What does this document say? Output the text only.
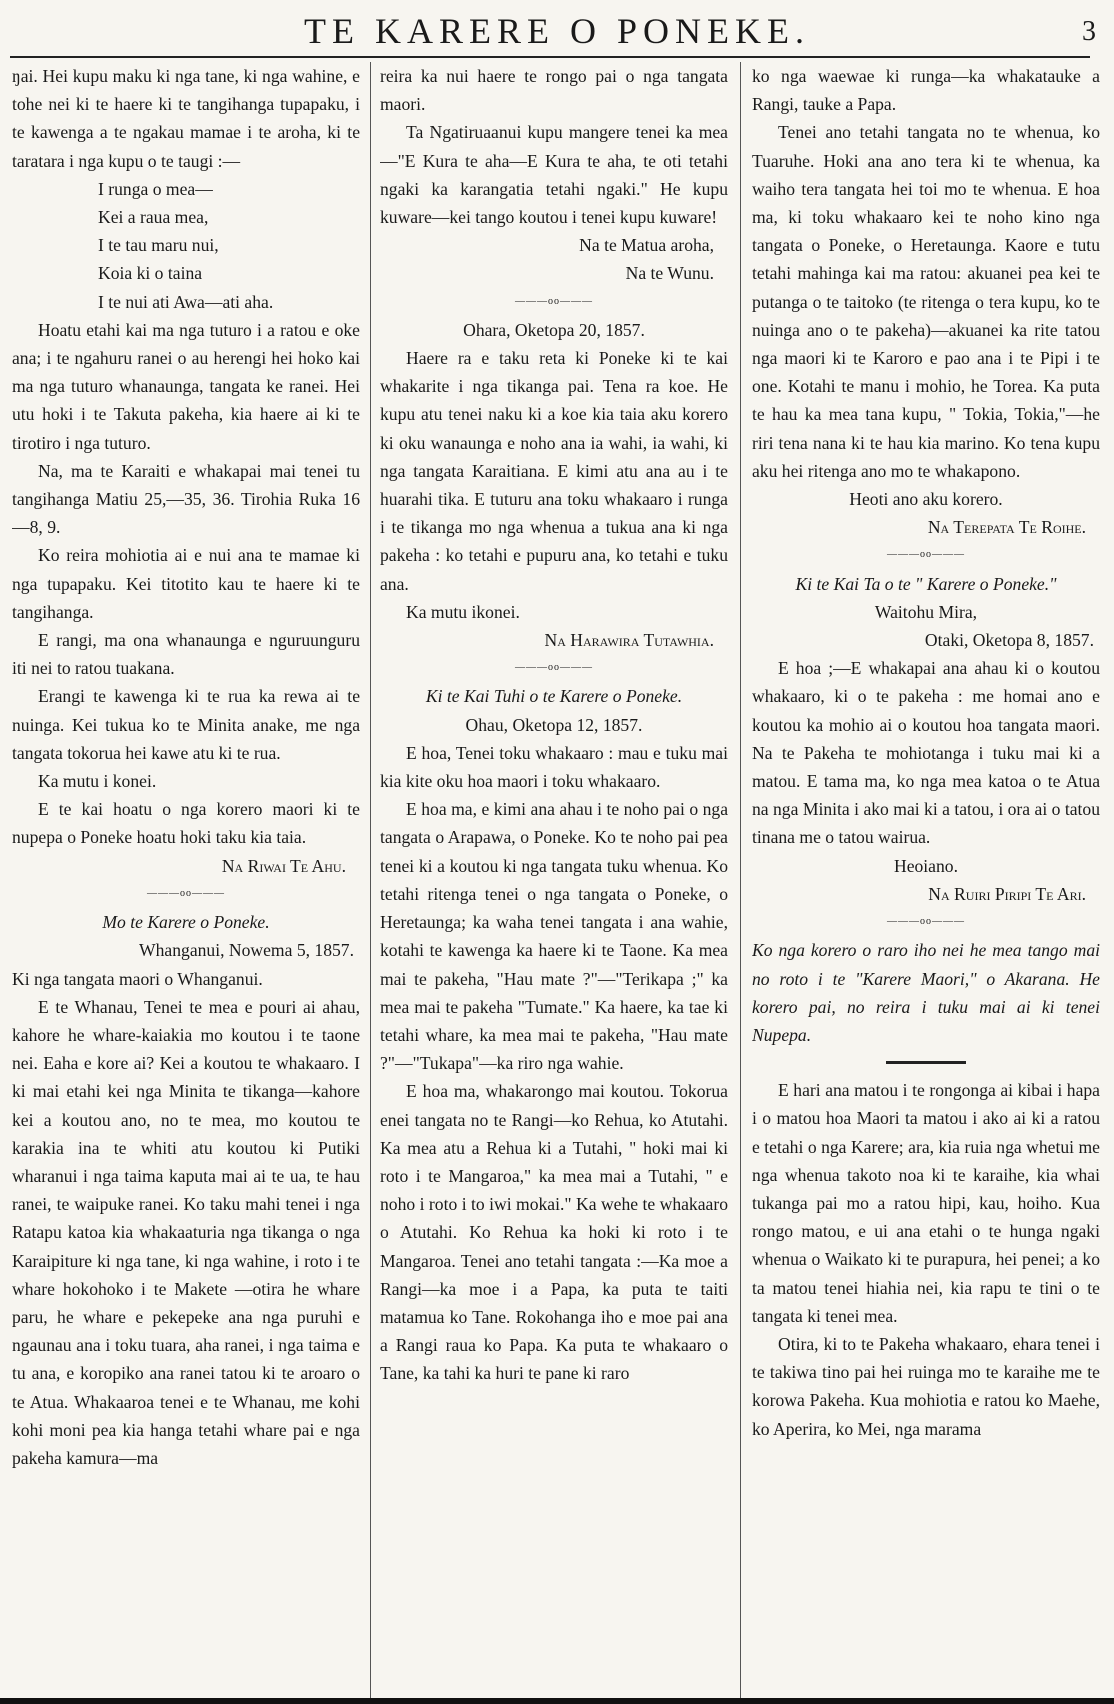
TE KARERE O PONEKE.	3

ŋai. Hei kupu maku ki nga tane, ki nga wahine, e tohe nei ki te haere ki te tangihanga tupapaku, i te kawenga a te ngakau mamae i te aroha, ki te taratara i nga kupu o te taugi :—

I runga o mea—

Kei a raua mea,

I te tau maru nui,

Koia ki o taina

I te nui ati Awa—ati aha.

Hoatu etahi kai ma nga tuturo i a ratou e oke ana; i te ngahuru ranei o au herengi hei hoko kai ma nga tuturo whanaunga, tangata ke ranei. Hei utu hoki i te Takuta pakeha, kia haere ai ki te tirotiro i nga tuturo.

Na, ma te Karaiti e whakapai mai tenei tu tangihanga Matiu 25,—35, 36. Tirohia Ruka 16—8, 9.

Ko reira mohiotia ai e nui ana te mamae ki nga tupapaku. Kei titotito kau te haere ki te tangihanga.

E rangi, ma ona whanaunga e nguruunguru iti nei to ratou tuakana.

Erangi te kawenga ki te rua ka rewa ai te nuinga. Kei tukua ko te Minita anake, me nga tangata tokorua hei kawe atu ki te rua.

Ka mutu i konei.

E te kai hoatu o nga korero maori ki te nupepa o Poneke hoatu hoki taku kia taia.

Na Riwai Te Ahu.

———oo———

Mo te Karere o Poneke.

Whanganui, Nowema 5, 1857.

Ki nga tangata maori o Whanganui.

E te Whanau, Tenei te mea e pouri ai ahau, kahore he whare-kaiakia mo koutou i te taone nei. Eaha e kore ai? Kei a koutou te whakaaro. I ki mai etahi kei nga Minita te tikanga—kahore kei a koutou ano, no te mea, mo koutou te karakia ina te whiti atu koutou ki Putiki wharanui i nga taima kaputa mai ai te ua, te hau ranei, te waipuke ranei. Ko taku mahi tenei i nga Ratapu katoa kia whakaaturia nga tikanga o nga Karaipiture ki nga tane, ki nga wahine, i roto i te whare hokohoko i te Makete —otira he whare paru, he whare e pekepeke ana nga puruhi e ngaunau ana i toku tuara, aha ranei, i nga taima e tu ana, e koropiko ana ranei tatou ki te aroaro o te Atua. Whakaaroa tenei e te Whanau, me kohi kohi moni pea kia hanga tetahi whare pai e nga pakeha kamura—ma

reira ka nui haere te rongo pai o nga tangata maori.

Ta Ngatiruaanui kupu mangere tenei ka mea—"E Kura te aha—E Kura te aha, te oti tetahi ngaki ka karangatia tetahi ngaki." He kupu kuware—kei tango koutou i tenei kupu kuware!

Na te Matua aroha,

Na te Wunu.

———oo———

Ohara, Oketopa 20, 1857.

Haere ra e taku reta ki Poneke ki te kai whakarite i nga tikanga pai. Tena ra koe. He kupu atu tenei naku ki a koe kia taia aku korero ki oku wanaunga e noho ana ia wahi, ia wahi, ki nga tangata Karaitiana. E kimi atu ana au i te huarahi tika. E tuturu ana toku whakaaro i runga i te tikanga mo nga whenua a tukua ana ki nga pakeha : ko tetahi e pupuru ana, ko tetahi e tuku ana.

Ka mutu ikonei.

Na Harawira Tutawhia.

———oo———

Ki te Kai Tuhi o te Karere o Poneke.

Ohau, Oketopa 12, 1857.

E hoa, Tenei toku whakaaro : mau e tuku mai kia kite oku hoa maori i toku whakaaro.

E hoa ma, e kimi ana ahau i te noho pai o nga tangata o Arapawa, o Poneke. Ko te noho pai pea tenei ki a koutou ki nga tangata tuku whenua. Ko tetahi ritenga tenei o nga tangata o Poneke, o Heretaunga; ka waha tenei tangata i ana wahie, kotahi te kawenga ka haere ki te Taone. Ka mea mai te pakeha, "Hau mate ?"—"Terikapa ;" ka mea mai te pakeha "Tumate." Ka haere, ka tae ki tetahi whare, ka mea mai te pakeha, "Hau mate ?"—"Tukapa"—ka riro nga wahie.

E hoa ma, whakarongo mai koutou. Tokorua enei tangata no te Rangi—ko Rehua, ko Atutahi. Ka mea atu a Rehua ki a Tutahi, " hoki mai ki roto i te Mangaroa," ka mea mai a Tutahi, " e noho i roto i to iwi mokai." Ka wehe te whakaaro o Atutahi. Ko Rehua ka hoki ki roto i te Mangaroa. Tenei ano tetahi tangata :—Ka moe a Rangi—ka moe i a Papa, ka puta te taiti matamua ko Tane. Rokohanga iho e moe pai ana a Rangi raua ko Papa. Ka puta te whakaaro o Tane, ka tahi ka huri te pane ki raro

ko nga waewae ki runga—ka whakatauke a Rangi, tauke a Papa.

Tenei ano tetahi tangata no te whenua, ko Tuaruhe. Hoki ana ano tera ki te whenua, ka waiho tera tangata hei toi mo te whenua. E hoa ma, ki toku whakaaro kei te noho kino nga tangata o Poneke, o Heretaunga. Kaore e tutu tetahi mahinga kai ma ratou: akuanei pea kei te putanga o te taitoko (te ritenga o tera kupu, ko te nuinga ano o te pakeha)—akuanei ka rite tatou nga maori ki te Karoro e pao ana i te Pipi i te one. Kotahi te manu i mohio, he Torea. Ka puta te hau ka mea tana kupu, " Tokia, Tokia,"—he riri tena nana ki te hau kia marino. Ko tena kupu aku hei ritenga ano mo te whakapono.

Heoti ano aku korero.

Na Terepata Te Roihe.

———oo———

Ki te Kai Ta o te " Karere o Poneke."

Waitohu Mira,

Otaki, Oketopa 8, 1857.

E hoa ;—E whakapai ana ahau ki o koutou whakaaro, ki o te pakeha : me homai ano e koutou ka mohio ai o koutou hoa tangata maori. Na te Pakeha te mohiotanga i tuku mai ki a matou. E tama ma, ko nga mea katoa o te Atua na nga Minita i ako mai ki a tatou, i ora ai o tatou tinana me o tatou wairua.

Heoiano.

Na Ruiri Piripi Te Ari.

———oo———

Ko nga korero o raro iho nei he mea tango mai no roto i te "Karere Maori," o Akarana. He korero pai, no reira i tuku mai ai ki tenei Nupepa.

E hari ana matou i te rongonga ai kibai i hapa i o matou hoa Maori ta matou i ako ai ki a ratou e tetahi o nga Karere; ara, kia ruia nga whetui me nga whenua takoto noa ki te karaihe, kia whai tukanga pai mo a ratou hipi, kau, hoiho. Kua rongo matou, e ui ana etahi o te hunga ngaki whenua o Waikato ki te purapura, hei penei; a ko ta matou tenei hiahia nei, kia rapu te tini o te tangata ki tenei mea.

Otira, ki to te Pakeha whakaaro, ehara tenei i te takiwa tino pai hei ruinga mo te karaihe me te korowa Pakeha. Kua mohiotia e ratou ko Maehe, ko Aperira, ko Mei, nga marama
